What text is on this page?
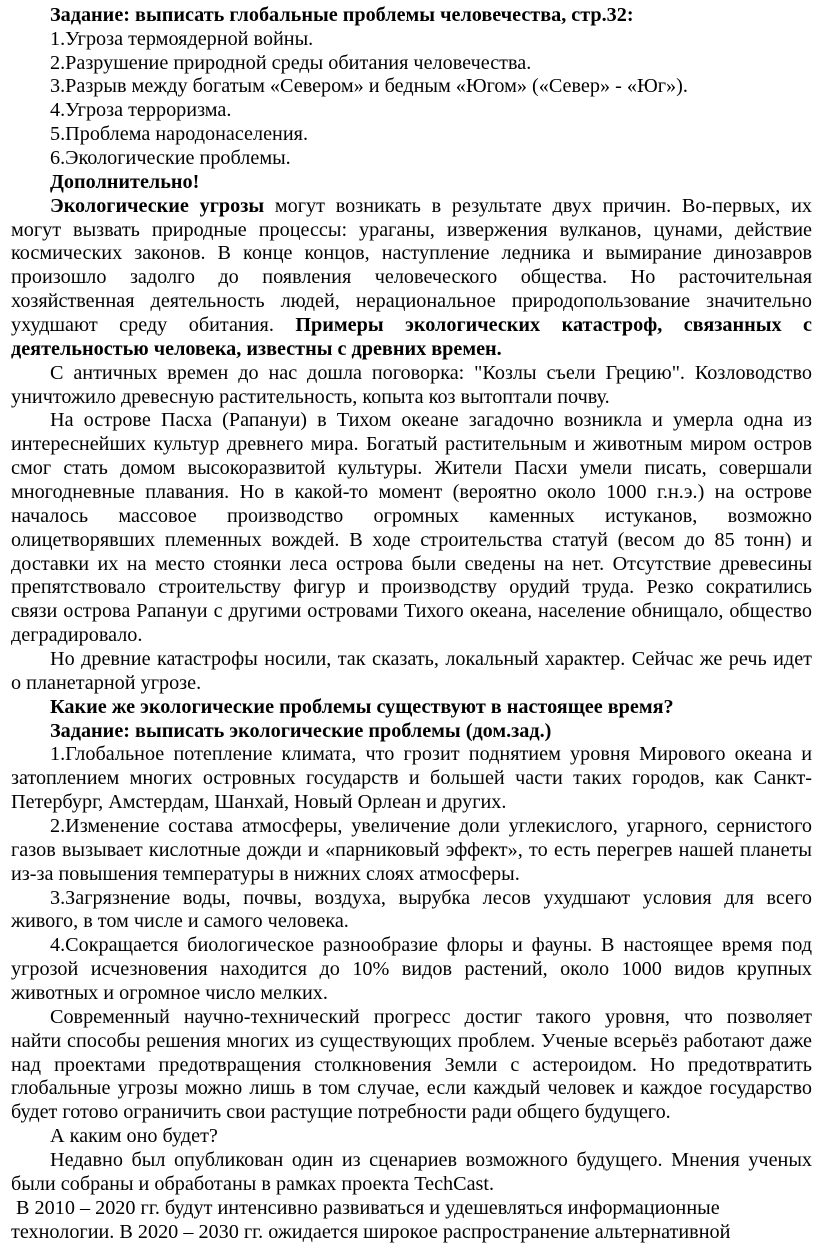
Задание: выписать глобальные проблемы человечества, стр.32:
1.Угроза термоядерной войны.
2.Разрушение природной среды обитания человечества.
3.Разрыв между богатым «Севером» и бедным «Югом» («Север» - «Юг»).
4.Угроза терроризма.
5.Проблема народонаселения.
6.Экологические проблемы.
Дополнительно!
Экологические угрозы могут возникать в результате двух причин. Во-первых, их
могут вызвать природные процессы: ураганы, извержения вулканов, цунами, действие
космических законов. В конце концов, наступление ледника и вымирание динозавров
произошло задолго до появления человеческого общества. Но расточительная
хозяйственная деятельность людей, нерациональное природопользование значительно
ухудшают среду обитания. Примеры экологических катастроф, связанных с
деятельностью человека, известны с древних времен.
С античных времен до нас дошла поговорка: "Козлы съели Грецию". Козловодство
уничтожило древесную растительность, копыта коз вытоптали почву.
На острове Пасха (Рапануи) в Тихом океане загадочно возникла и умерла одна из
интереснейших культур древнего мира. Богатый растительным и животным миром остров
смог стать домом высокоразвитой культуры. Жители Пасхи умели писать, совершали
многодневные плавания. Но в какой-то момент (вероятно около 1000 г.н.э.) на острове
началось массовое производство огромных каменных истуканов, возможно
олицетворявших племенных вождей. В ходе строительства статуй (весом до 85 тонн) и
доставки их на место стоянки леса острова были сведены на нет. Отсутствие древесины
препятствовало строительству фигур и производству орудий труда. Резко сократились
связи острова Рапануи с другими островами Тихого океана, население обнищало, общество
деградировало.
Но древние катастрофы носили, так сказать, локальный характер. Сейчас же речь идет
о планетарной угрозе.
Какие же экологические проблемы существуют в настоящее время?
Задание: выписать экологические проблемы (дом.зад.)
1.Глобальное потепление климата, что грозит поднятием уровня Мирового океана и
затоплением многих островных государств и большей части таких городов, как Санкт-
Петербург, Амстердам, Шанхай, Новый Орлеан и других.
2.Изменение состава атмосферы, увеличение доли углекислого, угарного, сернистого
газов вызывает кислотные дожди и «парниковый эффект», то есть перегрев нашей планеты
из-за повышения температуры в нижних слоях атмосферы.
3.Загрязнение воды, почвы, воздуха, вырубка лесов ухудшают условия для всего
живого, в том числе и самого человека.
4.Сокращается биологическое разнообразие флоры и фауны. В настоящее время под
угрозой исчезновения находится до 10% видов растений, около 1000 видов крупных
животных и огромное число мелких.
Современный научно-технический прогресс достиг такого уровня, что позволяет
найти способы решения многих из существующих проблем. Ученые всерьёз работают даже
над проектами предотвращения столкновения Земли с астероидом. Но предотвратить
глобальные угрозы можно лишь в том случае, если каждый человек и каждое государство
будет готово ограничить свои растущие потребности ради общего будущего.
А каким оно будет?
Недавно был опубликован один из сценариев возможного будущего. Мнения ученых
были собраны и обработаны в рамках проекта TechCast.
В 2010 – 2020 гг. будут интенсивно развиваться и удешевляться информационные
технологии. В 2020 – 2030 гг. ожидается широкое распространение альтернативной
